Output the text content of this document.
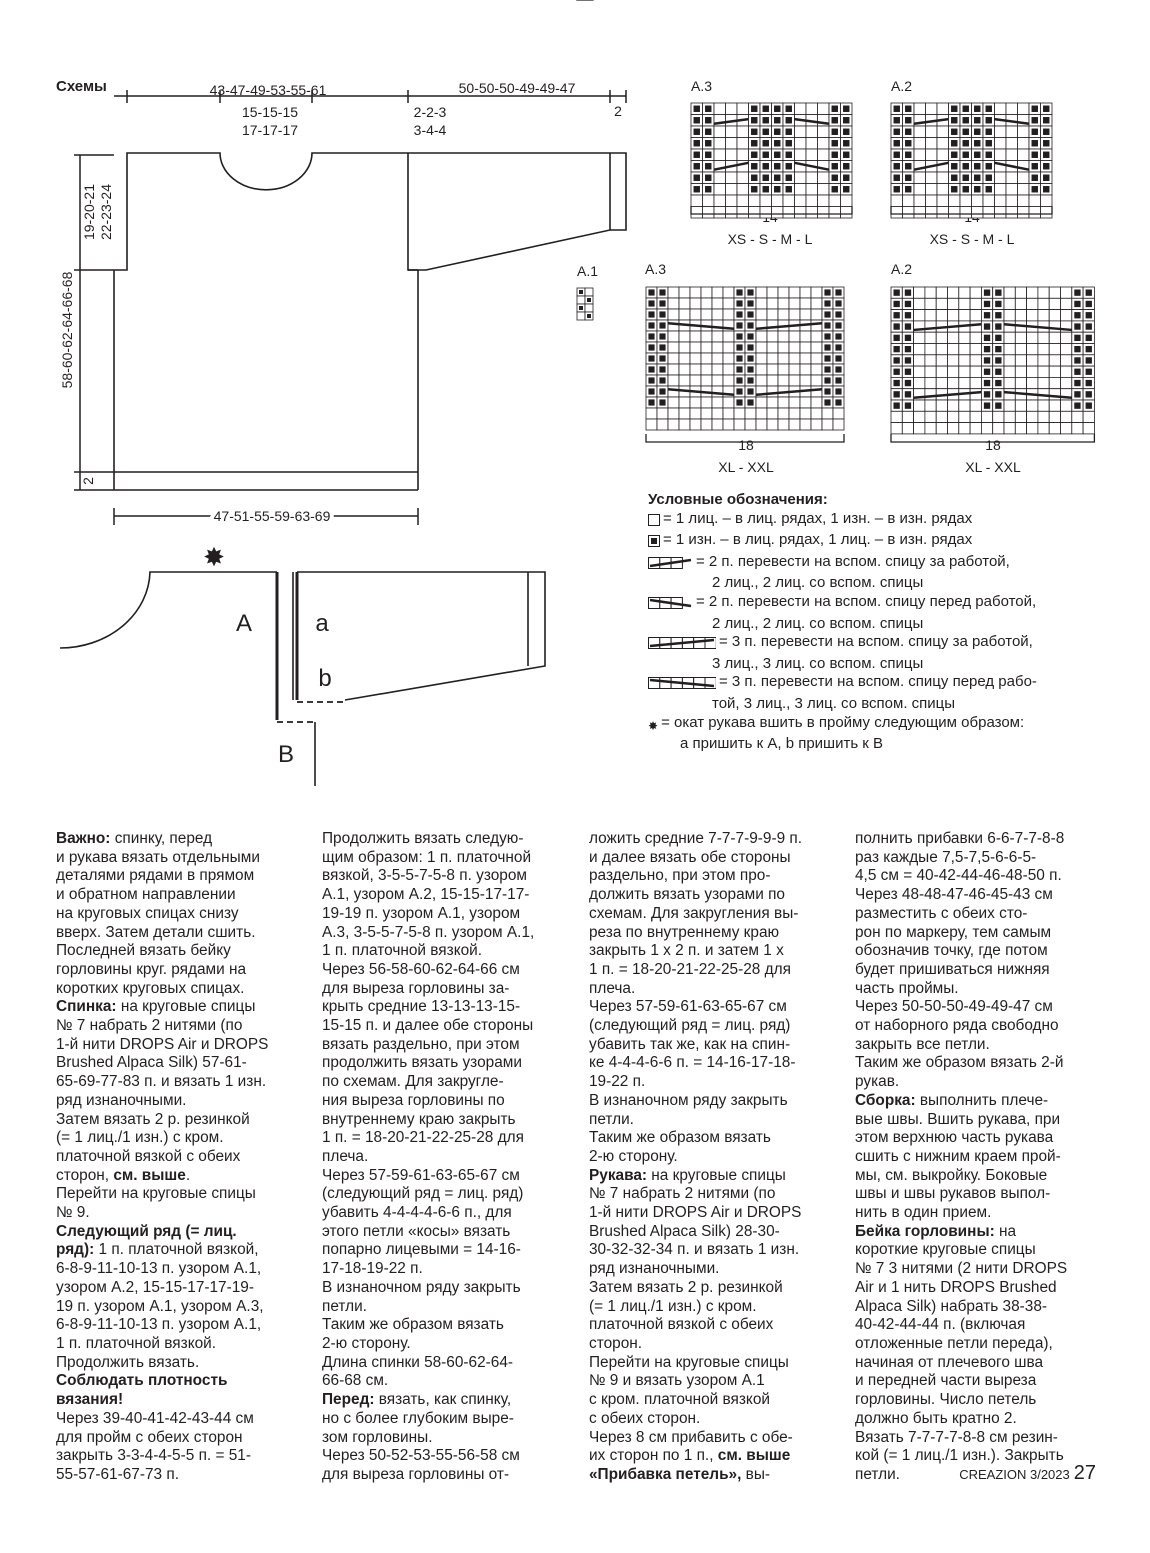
Схемы	43-47-49-53-55-61
15-15-15
17-17-17
2-2-3
3-4-4
50-50-50-49-49-47
2
19-20-21 22-23-24
58-60-62-64-66-68
2
47-51-55-59-63-69
✸
A	a
b
B
A.1
A.3	A.2
A.3	A.2
XS - S - M - L	XS - S - M - L
18
XL - XXL
18
XL - XXL
Условные обозначения:
= 1 лиц. – в лиц. рядах, 1 изн. – в изн. рядах
= 1 изн. – в лиц. рядах, 1 лиц. – в изн. рядах
= 2 п. перевести на вспом. спицу за работой,
2 лиц., 2 лиц. со вспом. спицы
= 2 п. перевести на вспом. спицу перед работой,
2 лиц., 2 лиц. со вспом. спицы
= 3 п. перевести на вспом. спицу за работой,
3 лиц., 3 лиц. со вспом. спицы
= 3 п. перевести на вспом. спицу перед рабо-
той, 3 лиц., 3 лиц. со вспом. спицы
✸ = окат рукава вшить в пройму следующим образом:
a пришить к A, b пришить к B
Важно: спинку, перед
и рукава вязать отдельными
деталями рядами в прямом
и обратном направлении
на круговых спицах снизу
вверх. Затем детали сшить.
Последней вязать бейку
горловины круг. рядами на
коротких круговых спицах.
Спинка: на круговые спицы
№ 7 набрать 2 нитями (по
1-й нити DROPS Air и DROPS
Brushed Alpaca Silk) 57-61-
65-69-77-83 п. и вязать 1 изн.
ряд изнаночными.
Затем вязать 2 р. резинкой
(= 1 лиц./1 изн.) с кром.
платочной вязкой с обеих
сторон, см. выше.
Перейти на круговые спицы
№ 9.
Следующий ряд (= лиц.
ряд): 1 п. платочной вязкой,
6-8-9-11-10-13 п. узором A.1,
узором A.2, 15-15-17-17-19-
19 п. узором A.1, узором A.3,
6-8-9-11-10-13 п. узором A.1,
1 п. платочной вязкой.
Продолжить вязать.
Соблюдать плотность
вязания!
Через 39-40-41-42-43-44 см
для пройм с обеих сторон
закрыть 3-3-4-4-5-5 п. = 51-
55-57-61-67-73 п.
Продолжить вязать следую-
щим образом: 1 п. платочной
вязкой, 3-5-5-7-5-8 п. узором
A.1, узором A.2, 15-15-17-17-
19-19 п. узором A.1, узором
A.3, 3-5-5-7-5-8 п. узором A.1,
1 п. платочной вязкой.
Через 56-58-60-62-64-66 см
для выреза горловины за-
крыть средние 13-13-13-15-
15-15 п. и далее обе стороны
вязать раздельно, при этом
продолжить вязать узорами
по схемам. Для закругле-
ния выреза горловины по
внутреннему краю закрыть
1 п. = 18-20-21-22-25-28 для
плеча.
Через 57-59-61-63-65-67 см
(следующий ряд = лиц. ряд)
убавить 4-4-4-4-6-6 п., для
этого петли «косы» вязать
попарно лицевыми = 14-16-
17-18-19-22 п.
В изнаночном ряду закрыть
петли.
Таким же образом вязать
2-ю сторону.
Длина спинки 58-60-62-64-
66-68 см.
Перед: вязать, как спинку,
но с более глубоким выре-
зом горловины.
Через 50-52-53-55-56-58 см
для выреза горловины от-
ложить средние 7-7-7-9-9-9 п.
и далее вязать обе стороны
раздельно, при этом про-
должить вязать узорами по
схемам. Для закругления вы-
реза по внутреннему краю
закрыть 1 х 2 п. и затем 1 х
1 п. = 18-20-21-22-25-28 для
плеча.
Через 57-59-61-63-65-67 см
(следующий ряд = лиц. ряд)
убавить так же, как на спин-
ке 4-4-4-6-6 п. = 14-16-17-18-
19-22 п.
В изнаночном ряду закрыть
петли.
Таким же образом вязать
2-ю сторону.
Рукава: на круговые спицы
№ 7 набрать 2 нитями (по
1-й нити DROPS Air и DROPS
Brushed Alpaca Silk) 28-30-
30-32-32-34 п. и вязать 1 изн.
ряд изнаночными.
Затем вязать 2 р. резинкой
(= 1 лиц./1 изн.) с кром.
платочной вязкой с обеих
сторон.
Перейти на круговые спицы
№ 9 и вязать узором A.1
с кром. платочной вязкой
с обеих сторон.
Через 8 см прибавить с обе-
их сторон по 1 п., см. выше
«Прибавка петель», вы-
полнить прибавки 6-6-7-7-8-8
раз каждые 7,5-7,5-6-6-5-
4,5 см = 40-42-44-46-48-50 п.
Через 48-48-47-46-45-43 см
разместить с обеих сто-
рон по маркеру, тем самым
обозначив точку, где потом
будет пришиваться нижняя
часть проймы.
Через 50-50-50-49-49-47 см
от наборного ряда свободно
закрыть все петли.
Таким же образом вязать 2-й
рукав.
Сборка: выполнить плече-
вые швы. Вшить рукава, при
этом верхнюю часть рукава
сшить с нижним краем прой-
мы, см. выкройку. Боковые
швы и швы рукавов выпол-
нить в один прием.
Бейка горловины: на
короткие круговые спицы
№ 7 3 нитями (2 нити DROPS
Air и 1 нить DROPS Brushed
Alpaca Silk) набрать 38-38-
40-42-44-44 п. (включая
отложенные петли переда),
начиная от плечевого шва
и передней части выреза
горловины. Число петель
должно быть кратно 2.
Вязать 7-7-7-7-8-8 см резин-
кой (= 1 лиц./1 изн.). Закрыть
петли.	CREAZION 3/2023 27
